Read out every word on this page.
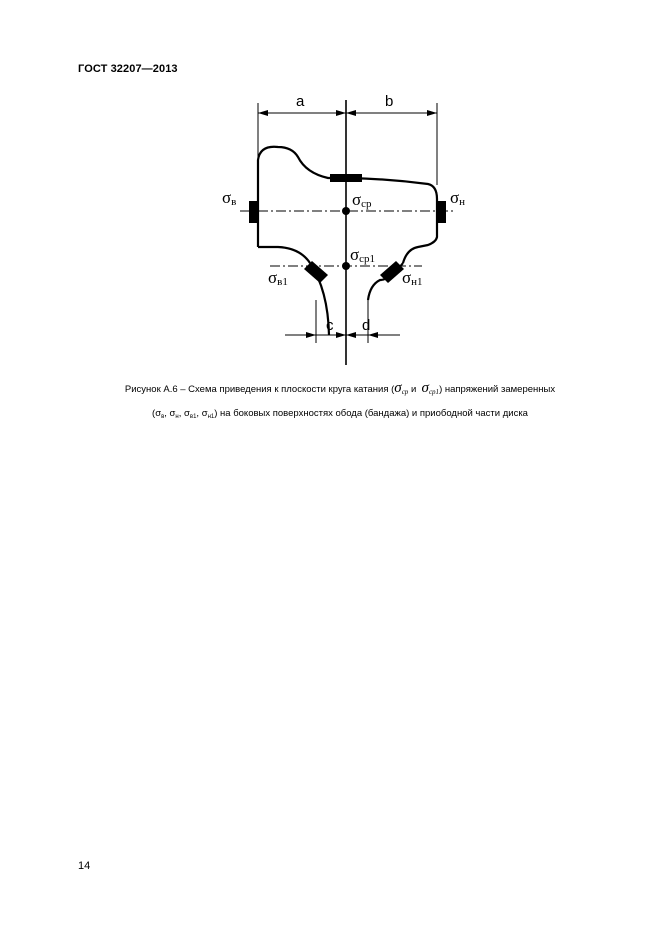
ГОСТ 32207—2013
a	b
c d
σв	σн
σср
σср1
σв1	σн1
Рисунок А.6 – Схема приведения к плоскости круга катания ($\sigma_{cp}$ и  $\sigma_{cp1}$) напряжений замеренных
($\sigma_в$, $\sigma_н$, $\sigma_{в1}$, $\sigma_{н1}$) на боковых поверхностях обода (бандажа) и приободной части диска
14
